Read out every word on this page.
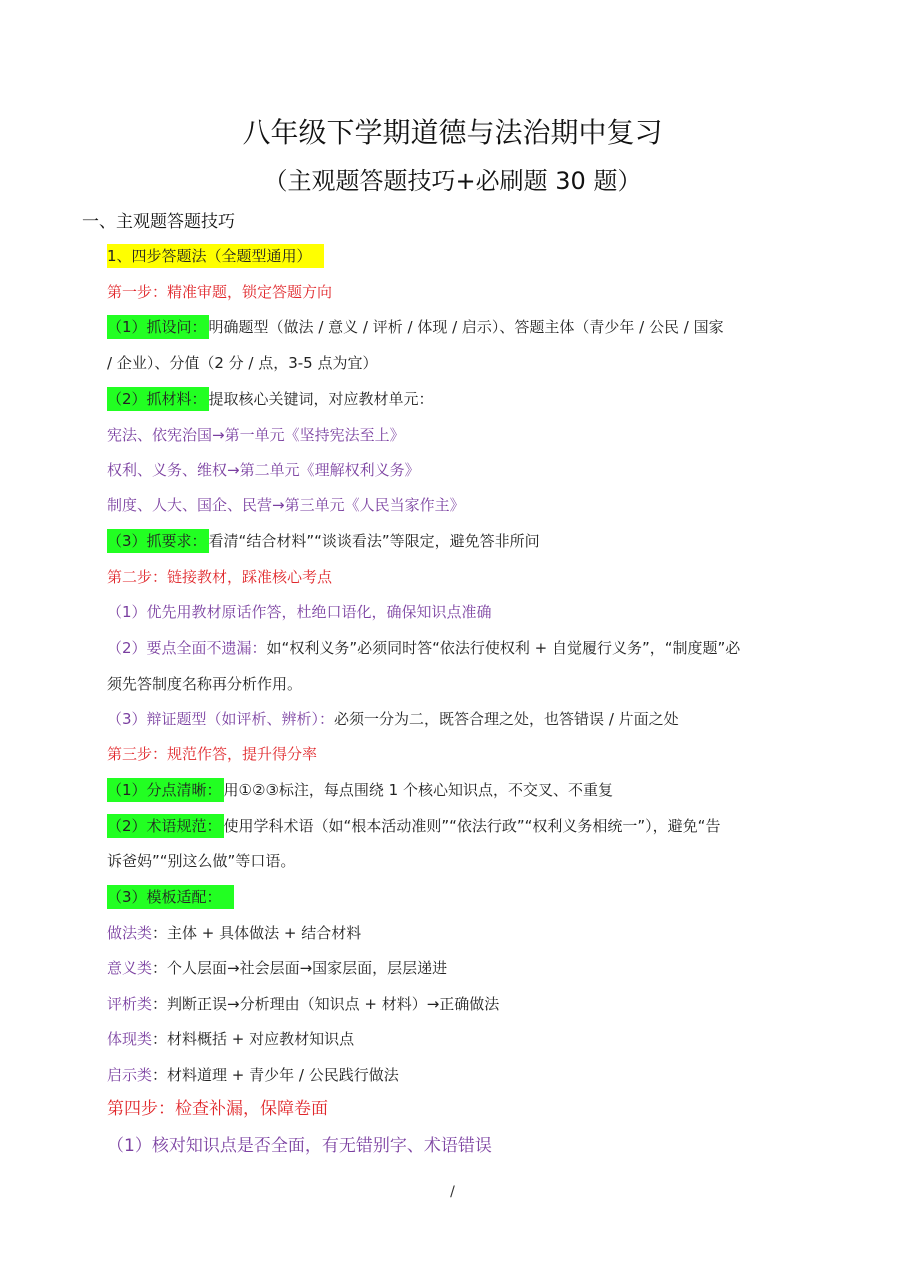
八年级下学期道德与法治期中复习
（主观题答题技巧+必刷题 30 题）
一、主观题答题技巧
1、四步答题法（全题型通用）
第一步：精准审题，锁定答题方向
（1）抓设问： 明确题型（做法 / 意义 / 评析 / 体现 / 启示）、答题主体（青少年 / 公民 / 国家
/ 企业）、分值（2 分 / 点，3-5 点为宜）
（2）抓材料： 提取核心关键词，对应教材单元：
宪法、依宪治国→第一单元《坚持宪法至上》
权利、义务、维权→第二单元《理解权利义务》
制度、人大、国企、民营→第三单元《人民当家作主》
（3）抓要求： 看清“结合材料”“谈谈看法”等限定，避免答非所问
第二步：链接教材，踩准核心考点
（1）优先用教材原话作答，杜绝口语化，确保知识点准确
（2）要点全面不遗漏：如“权利义务”必须同时答“依法行使权利 + 自觉履行义务”，“制度题”必
须先答制度名称再分析作用。
（3）辩证题型（如评析、辨析）：必须一分为二，既答合理之处，也答错误 / 片面之处
第三步：规范作答，提升得分率
（1）分点清晰： 用①②③标注，每点围绕 1 个核心知识点，不交叉、不重复
（2）术语规范： 使用学科术语（如“根本活动准则”“依法行政”“权利义务相统一”），避免“告
诉爸妈”“别这么做”等口语。
（3）模板适配：
做法类：主体 + 具体做法 + 结合材料
意义类：个人层面→社会层面→国家层面，层层递进
评析类：判断正误→分析理由（知识点 + 材料）→正确做法
体现类：材料概括 + 对应教材知识点
启示类：材料道理 + 青少年 / 公民践行做法
第四步：检查补漏，保障卷面
（1）核对知识点是否全面，有无错别字、术语错误
/
